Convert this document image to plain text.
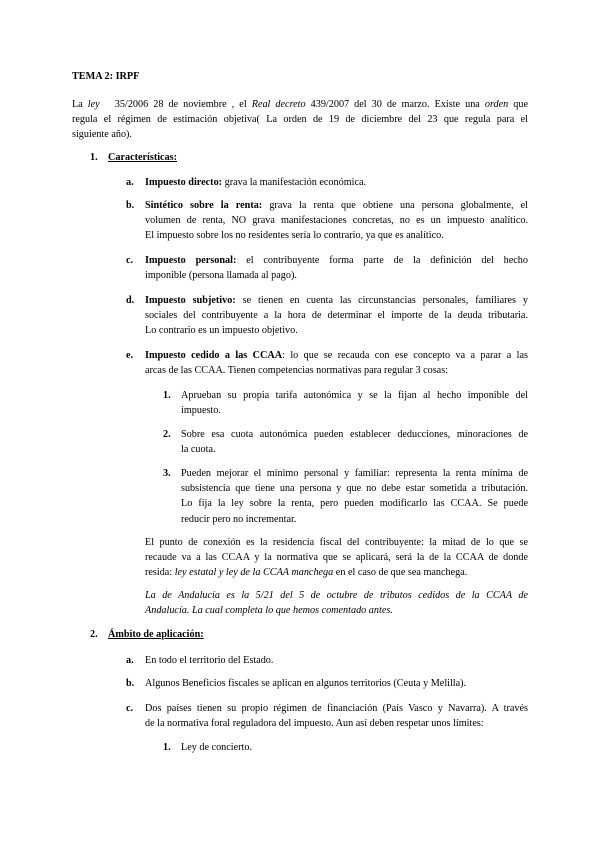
TEMA 2: IRPF
La ley   35/2006 28 de noviembre , el Real decreto 439/2007 del 30 de marzo. Existe una orden que
regula el régimen de estimación objetiva( La orden de 19 de diciembre del 23 que regula para el
siguiente año).
1. Características:
a. Impuesto directo: grava la manifestación económica.
b. Sintético sobre la renta: grava la renta que obtiene una persona globalmente, el
volumen de renta, NO grava manifestaciones concretas, no es un impuesto analítico.
El impuesto sobre los no residentes sería lo contrario, ya que es analítico.
c. Impuesto personal: el contribuyente forma parte de la definición del hecho
imponible (persona llamada al pago).
d. Impuesto subjetivo: se tienen en cuenta las circunstancias personales, familiares y
sociales del contribuyente a la hora de determinar el importe de la deuda tributaria.
Lo contrario es un impuesto objetivo.
e. Impuesto cedido a las CCAA: lo que se recauda con ese concepto va a parar a las
arcas de las CCAA. Tienen competencias normativas para regular 3 cosas:
1. Aprueban su propia tarifa autonómica y se la fijan al hecho imponible del
impuesto.
2. Sobre esa cuota autonómica pueden establecer deducciones, minoraciones de
la cuota.
3. Pueden mejorar el mínimo personal y familiar: representa la renta mínima de
subsistencia que tiene una persona y que no debe estar sometida a tributación.
Lo fija la ley sobre la renta, pero pueden modificarlo las CCAA. Se puede
reducir pero no incrementar.
El punto de conexión es la residencia fiscal del contribuyente: la mitad de lo que se
recaude va a las CCAA y la normativa que se aplicará, será la de la CCAA de donde
resida: ley estatal y ley de la CCAA manchega en el caso de que sea manchega.
La de Andalucía es la 5/21 del 5 de octubre de tributos cedidos de la CCAA de
Andalucía. La cual completa lo que hemos comentado antes.
2. Ámbito de aplicación:
a. En todo el territorio del Estado.
b. Algunos Beneficios fiscales se aplican en algunos territorios (Ceuta y Melilla).
c. Dos países tienen su propio régimen de financiación (País Vasco y Navarra). A través
de la normativa foral reguladora del impuesto. Aun así deben respetar unos límites:
1. Ley de concierto.
